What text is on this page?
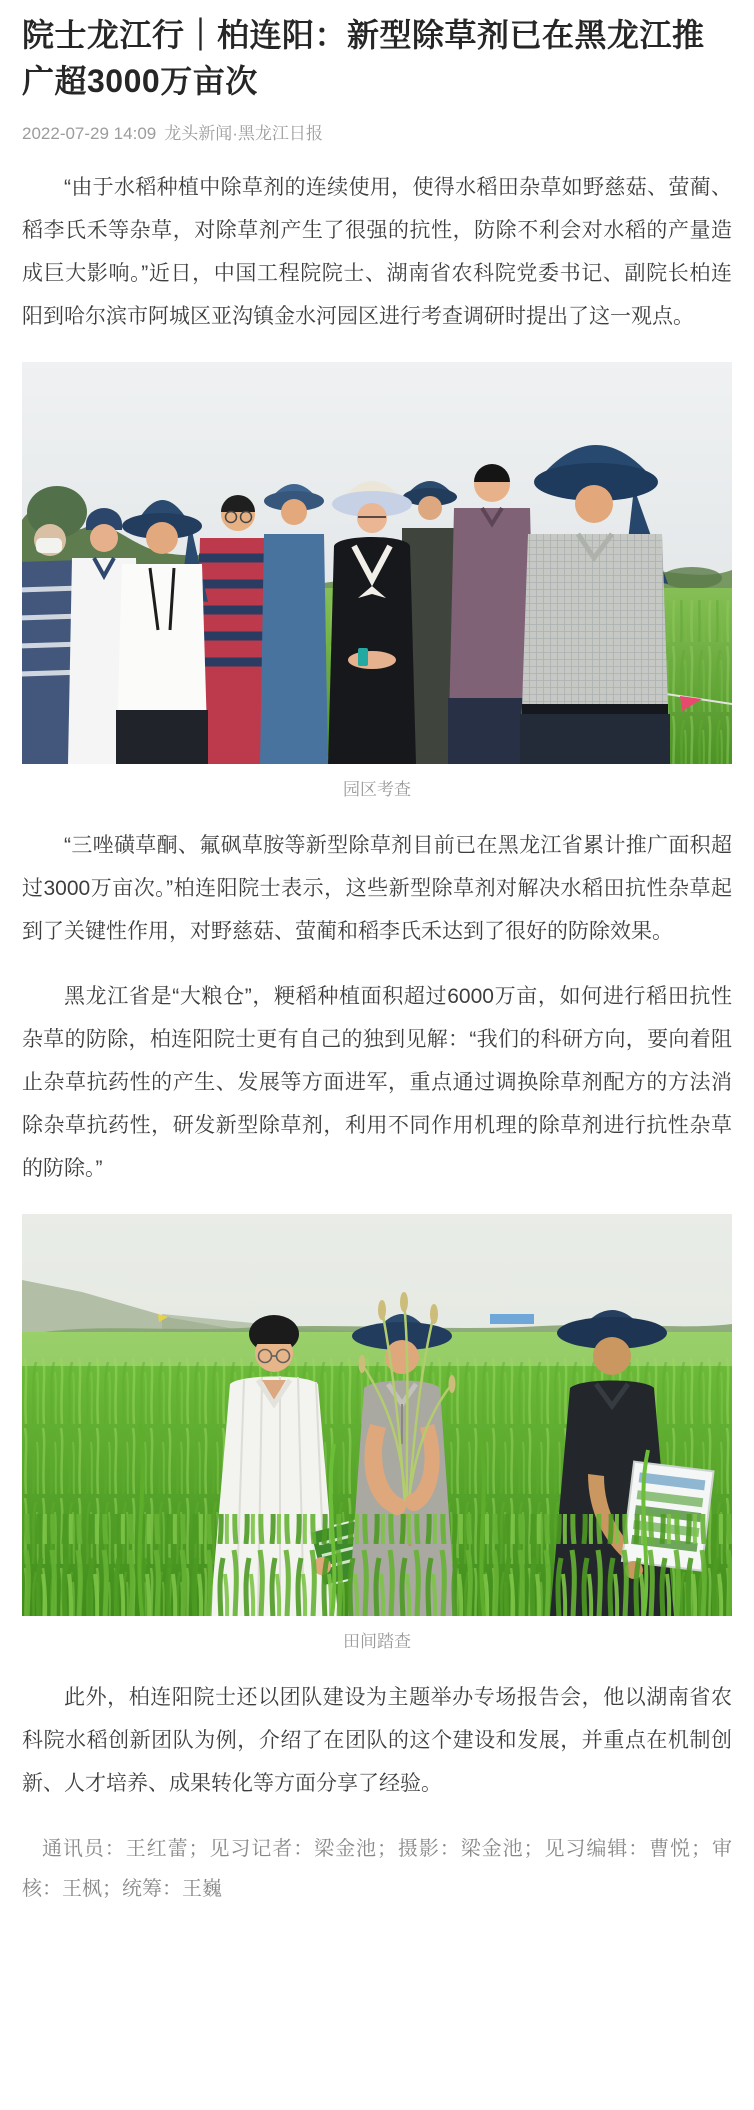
院士龙江行｜柏连阳：新型除草剂已在黑龙江推广超3000万亩次
2022-07-29 14:09 龙头新闻·黑龙江日报

“由于水稻种植中除草剂的连续使用，使得水稻田杂草如野慈菇、萤蔺、稻李氏禾等杂草，对除草剂产生了很强的抗性，防除不利会对水稻的产量造成巨大影响。”近日，中国工程院院士、湖南省农科院党委书记、副院长柏连阳到哈尔滨市阿城区亚沟镇金水河园区进行考查调研时提出了这一观点。

园区考查

“三唑磺草酮、氟砜草胺等新型除草剂目前已在黑龙江省累计推广面积超过3000万亩次。”柏连阳院士表示，这些新型除草剂对解决水稻田抗性杂草起到了关键性作用，对野慈菇、萤蔺和稻李氏禾达到了很好的防除效果。

黑龙江省是“大粮仓”，粳稻种植面积超过6000万亩，如何进行稻田抗性杂草的防除，柏连阳院士更有自己的独到见解：“我们的科研方向，要向着阻止杂草抗药性的产生、发展等方面进军，重点通过调换除草剂配方的方法消除杂草抗药性，研发新型除草剂，利用不同作用机理的除草剂进行抗性杂草的防除。”

田间踏查

此外，柏连阳院士还以团队建设为主题举办专场报告会，他以湖南省农科院水稻创新团队为例，介绍了在团队的这个建设和发展，并重点在机制创新、人才培养、成果转化等方面分享了经验。

通讯员：王红蕾；见习记者：梁金池；摄影：梁金池；见习编辑：曹悦；审核：王枫；统筹：王巍
